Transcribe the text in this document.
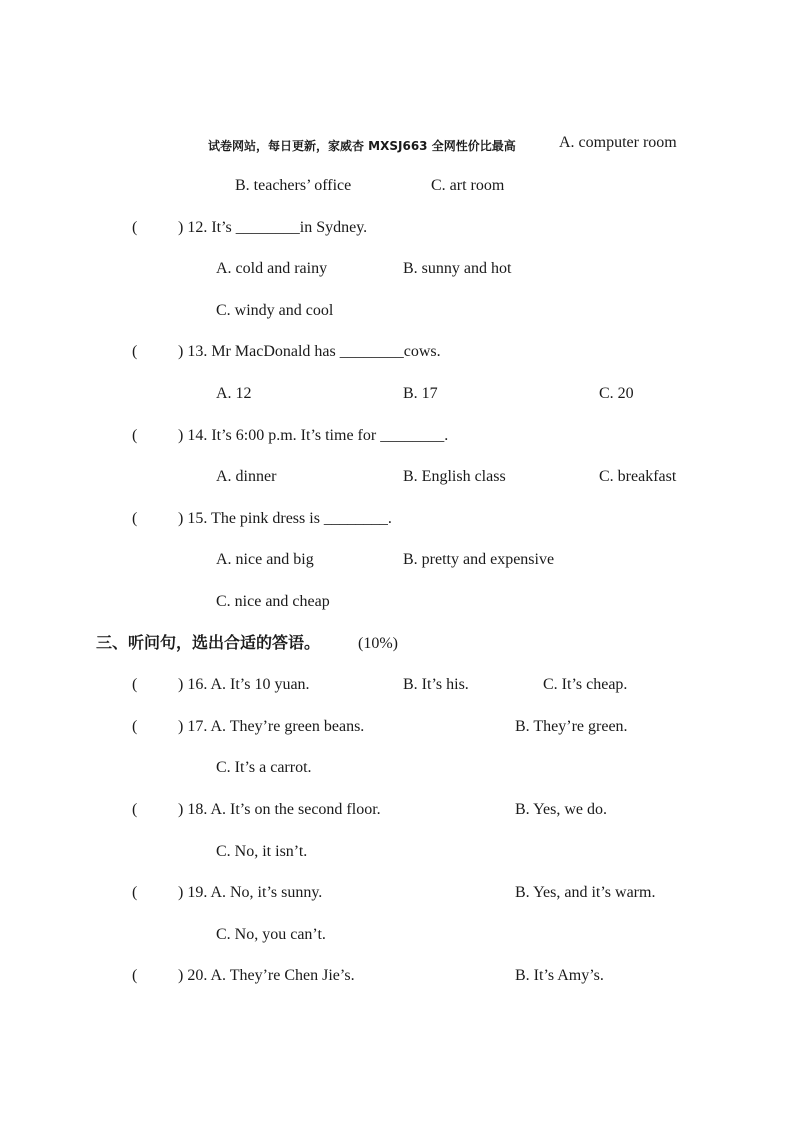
试卷网站，每日更新，家威杏 MXSJ663 全网性价比最高	A. computer room
B. teachers’ office	C. art room
(	) 12. It’s ________in Sydney.
A. cold and rainy	B. sunny and hot
C. windy and cool
(	) 13. Mr MacDonald has ________cows.
A. 12	B. 17	C. 20
(	) 14. It’s 6:00 p.m. It’s time for ________.
A. dinner	B. English class	C. breakfast
(	) 15. The pink dress is ________.
A. nice and big	B. pretty and expensive
C. nice and cheap
三、听问句，选出合适的答语。 (10%)
(	) 16. A. It’s 10 yuan.	B. It’s his.	C. It’s cheap.
(	) 17. A. They’re green beans.	B. They’re green.
C. It’s a carrot.
(	) 18. A. It’s on the second floor.	B. Yes, we do.
C. No, it isn’t.
(	) 19. A. No, it’s sunny.	B. Yes, and it’s warm.
C. No, you can’t.
(	) 20. A. They’re Chen Jie’s.	B. It’s Amy’s.
